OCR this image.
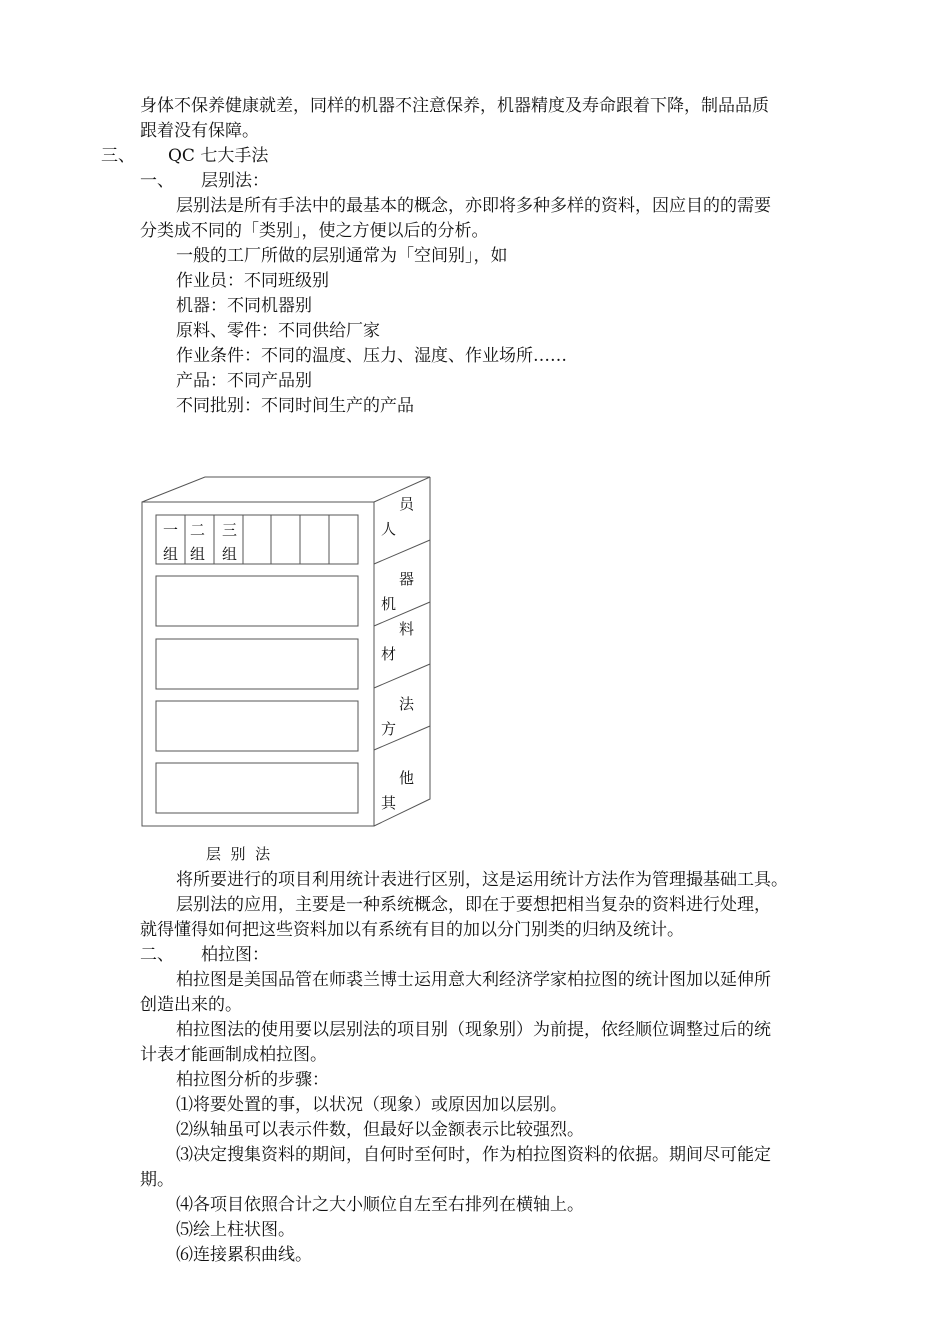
身体不保养健康就差，同样的机器不注意保养，机器精度及寿命跟着下降，制品品质
跟着没有保障。
三、 QC 七大手法
一、 层别法：
层别法是所有手法中的最基本的概念，亦即将多种多样的资料，因应目的的需要
分类成不同的「类别」，使之方便以后的分析。
一般的工厂所做的层别通常为「空间别」，如
作业员：不同班级别
机器：不同机器别
原料、零件：不同供给厂家
作业条件：不同的温度、压力、湿度、作业场所……
产品：不同产品别
不同批别：不同时间生产的产品
一
组
二
组
三
组
员
人
器
机
料
材
法
方
他
其
层  别  法
将所要进行的项目利用统计表进行区别，这是运用统计方法作为管理撮基础工具。
层别法的应用，主要是一种系统概念，即在于要想把相当复杂的资料进行处理，
就得懂得如何把这些资料加以有系统有目的加以分门别类的归纳及统计。
二、 柏拉图：
柏拉图是美国品管在师裘兰博士运用意大利经济学家柏拉图的统计图加以延伸所
创造出来的。
柏拉图法的使用要以层别法的项目别（现象别）为前提，依经顺位调整过后的统
计表才能画制成柏拉图。
柏拉图分析的步骤：
⑴将要处置的事，以状况（现象）或原因加以层别。
⑵纵轴虽可以表示件数，但最好以金额表示比较强烈。
⑶决定搜集资料的期间，自何时至何时，作为柏拉图资料的依据。期间尽可能定
期。
⑷各项目依照合计之大小顺位自左至右排列在横轴上。
⑸绘上柱状图。
⑹连接累积曲线。
